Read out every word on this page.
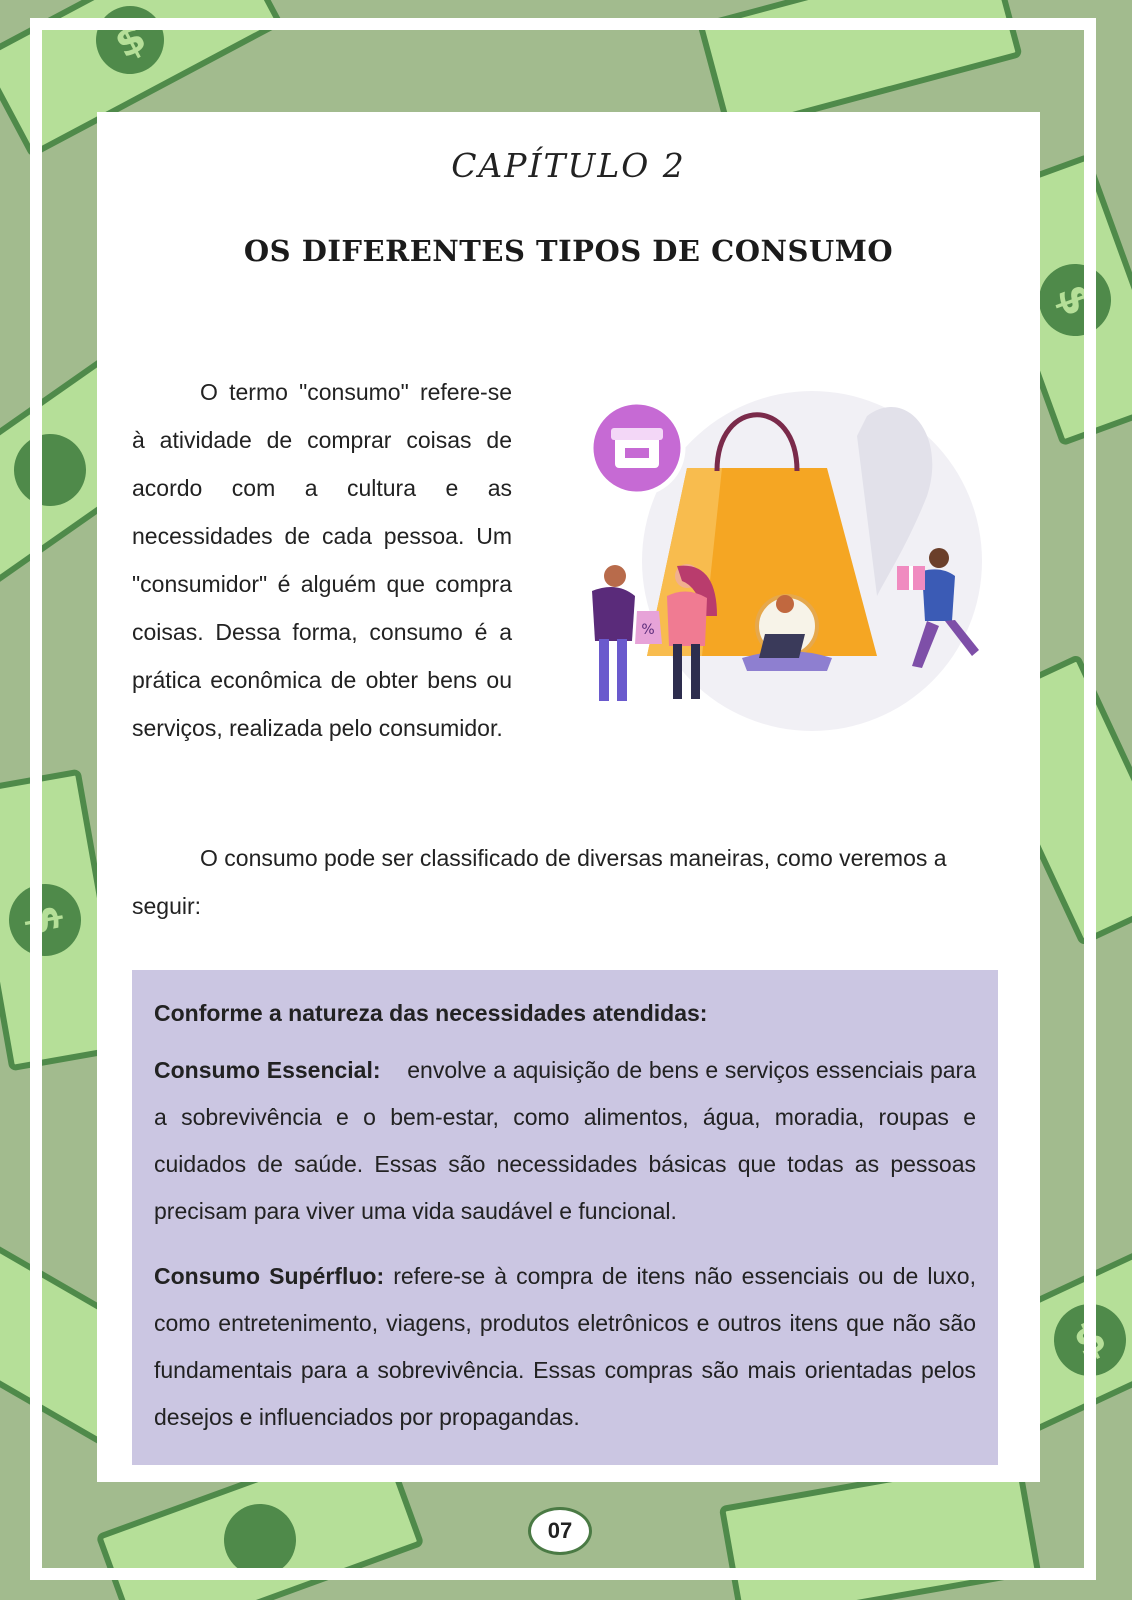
$
$
$
$
CAPÍTULO 2
OS DIFERENTES TIPOS DE CONSUMO
O termo "consumo" refere-se à atividade de comprar coisas de acordo com a cultura e as necessidades de cada pessoa. Um "consumidor" é alguém que compra coisas. Dessa forma, consumo é a prática econômica de obter bens ou serviços, realizada pelo consumidor.
%
O consumo pode ser classificado de diversas maneiras, como veremos a seguir:
Conforme a natureza das necessidades atendidas:

Consumo Essencial: envolve a aquisição de bens e serviços essenciais para a sobrevivência e o bem-estar, como alimentos, água, moradia, roupas e cuidados de saúde. Essas são necessidades básicas que todas as pessoas precisam para viver uma vida saudável e funcional.

Consumo Supérfluo: refere-se à compra de itens não essenciais ou de luxo, como entretenimento, viagens, produtos eletrônicos e outros itens que não são fundamentais para a sobrevivência. Essas compras são mais orientadas pelos desejos e influenciados por propagandas.

07
